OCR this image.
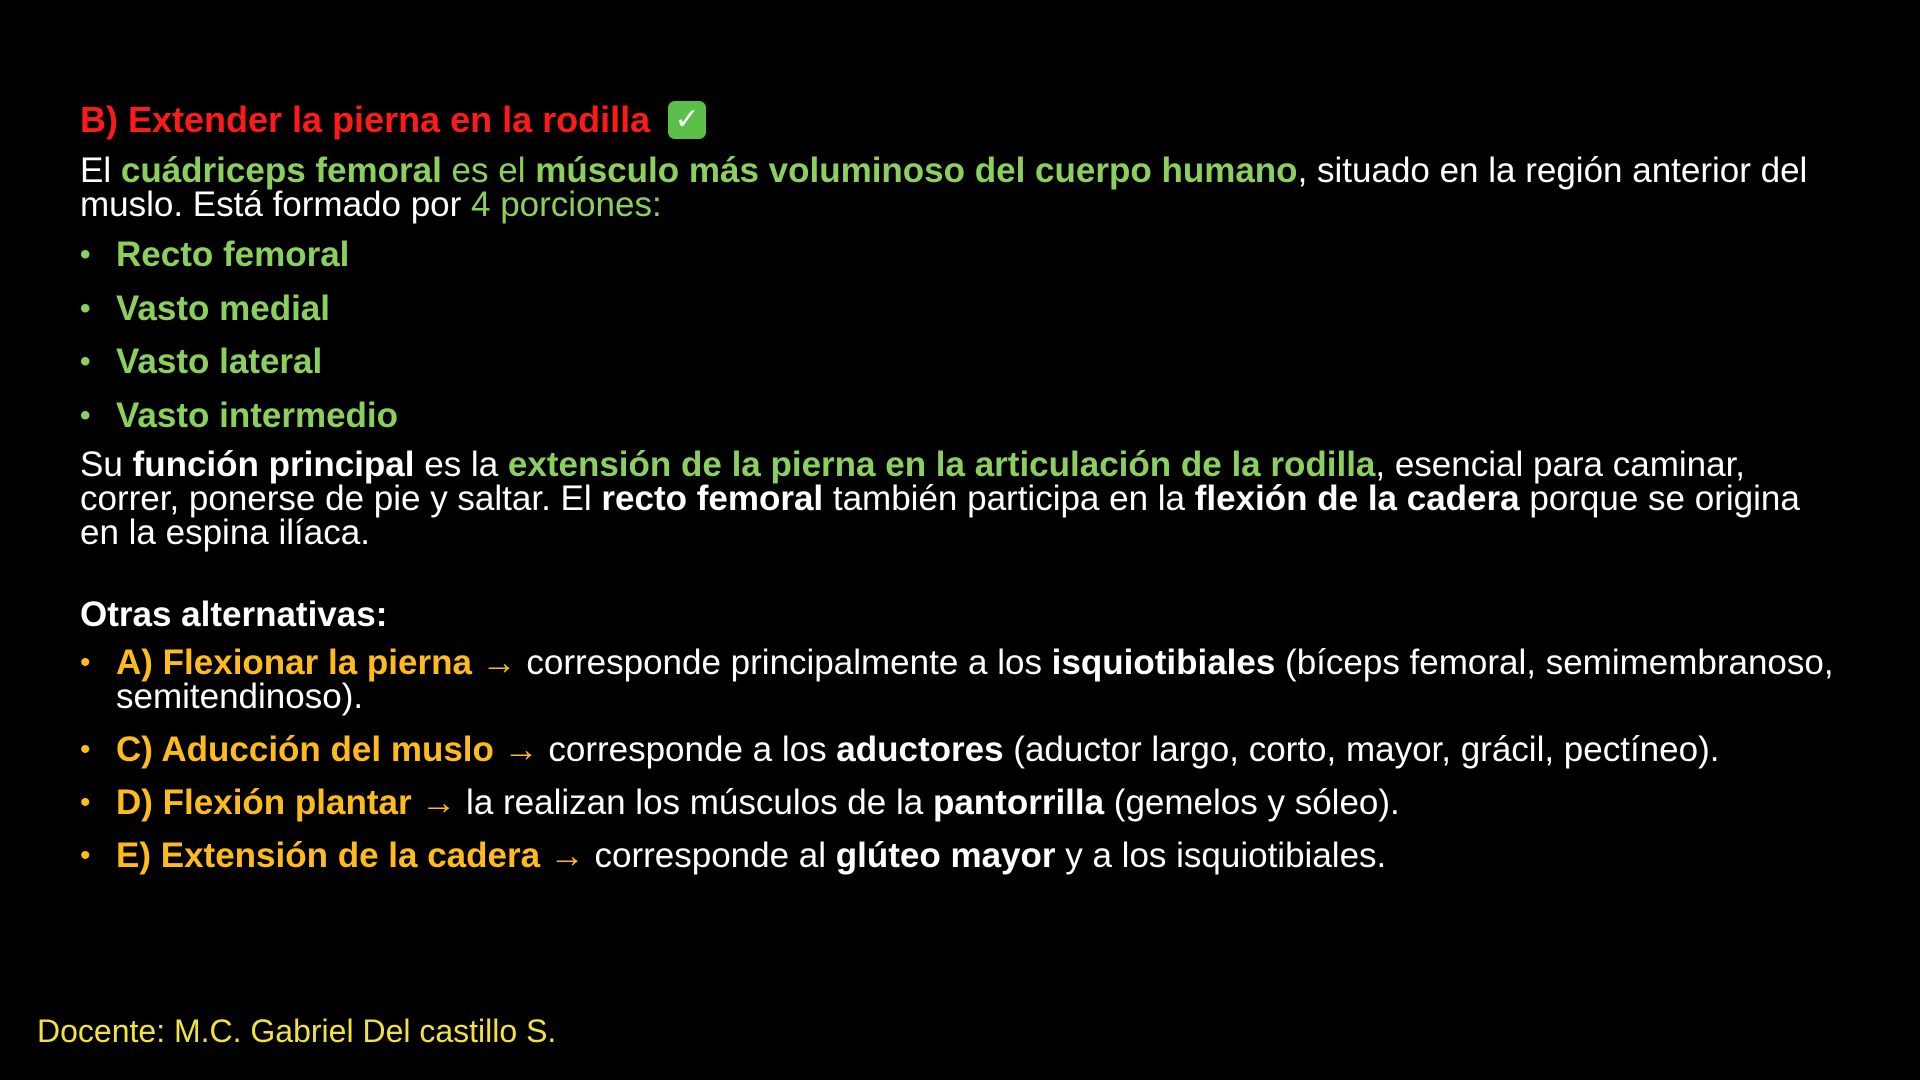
B) Extender la pierna en la rodilla ✓
El cuádriceps femoral es el músculo más voluminoso del cuerpo humano, situado en la región anterior del muslo. Está formado por 4 porciones:
• Recto femoral
• Vasto medial
• Vasto lateral
• Vasto intermedio
Su función principal es la extensión de la pierna en la articulación de la rodilla, esencial para caminar, correr, ponerse de pie y saltar. El recto femoral también participa en la flexión de la cadera porque se origina en la espina ilíaca.
Otras alternativas:
• A) Flexionar la pierna → corresponde principalmente a los isquiotibiales (bíceps femoral, semimembranoso, semitendinoso).
• C) Aducción del muslo → corresponde a los aductores (aductor largo, corto, mayor, grácil, pectíneo).
• D) Flexión plantar → la realizan los músculos de la pantorrilla (gemelos y sóleo).
• E) Extensión de la cadera → corresponde al glúteo mayor y a los isquiotibiales.
Docente: M.C. Gabriel Del castillo S.
